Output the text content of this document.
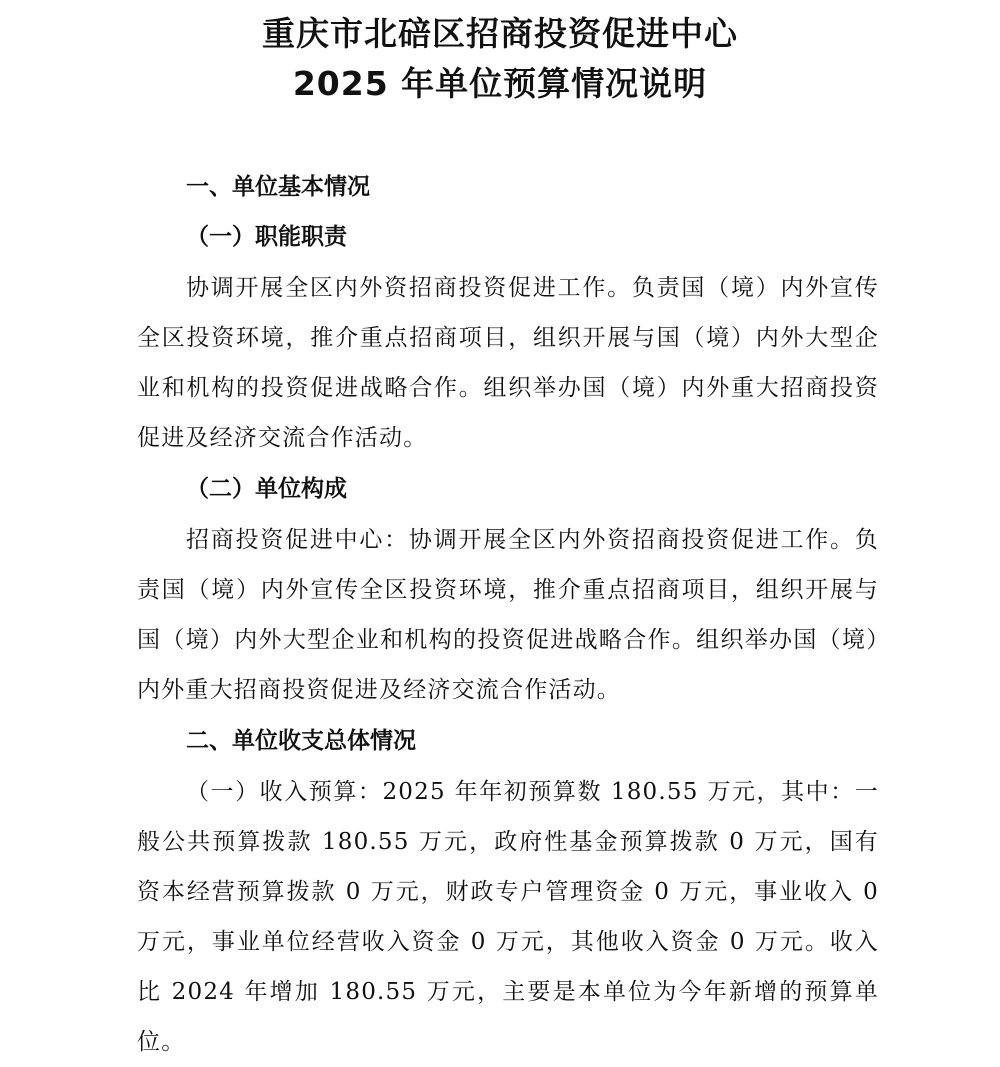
重庆市北碚区招商投资促进中心
2025 年单位预算情况说明
一、单位基本情况
（一）职能职责

协调开展全区内外资招商投资促进工作。负责国（境）内外宣传全区投资环境，推介重点招商项目，组织开展与国（境）内外大型企业和机构的投资促进战略合作。组织举办国（境）内外重大招商投资促进及经济交流合作活动。

（二）单位构成

招商投资促进中心：协调开展全区内外资招商投资促进工作。负责国（境）内外宣传全区投资环境，推介重点招商项目，组织开展与国（境）内外大型企业和机构的投资促进战略合作。组织举办国（境）内外重大招商投资促进及经济交流合作活动。

二、单位收支总体情况

（一）收入预算：2025 年年初预算数 180.55 万元，其中：一般公共预算拨款 180.55 万元，政府性基金预算拨款 0 万元，国有资本经营预算拨款 0 万元，财政专户管理资金 0 万元，事业收入 0 万元，事业单位经营收入资金 0 万元，其他收入资金 0 万元。收入比 2024 年增加 180.55 万元，主要是本单位为今年新增的预算单位。
